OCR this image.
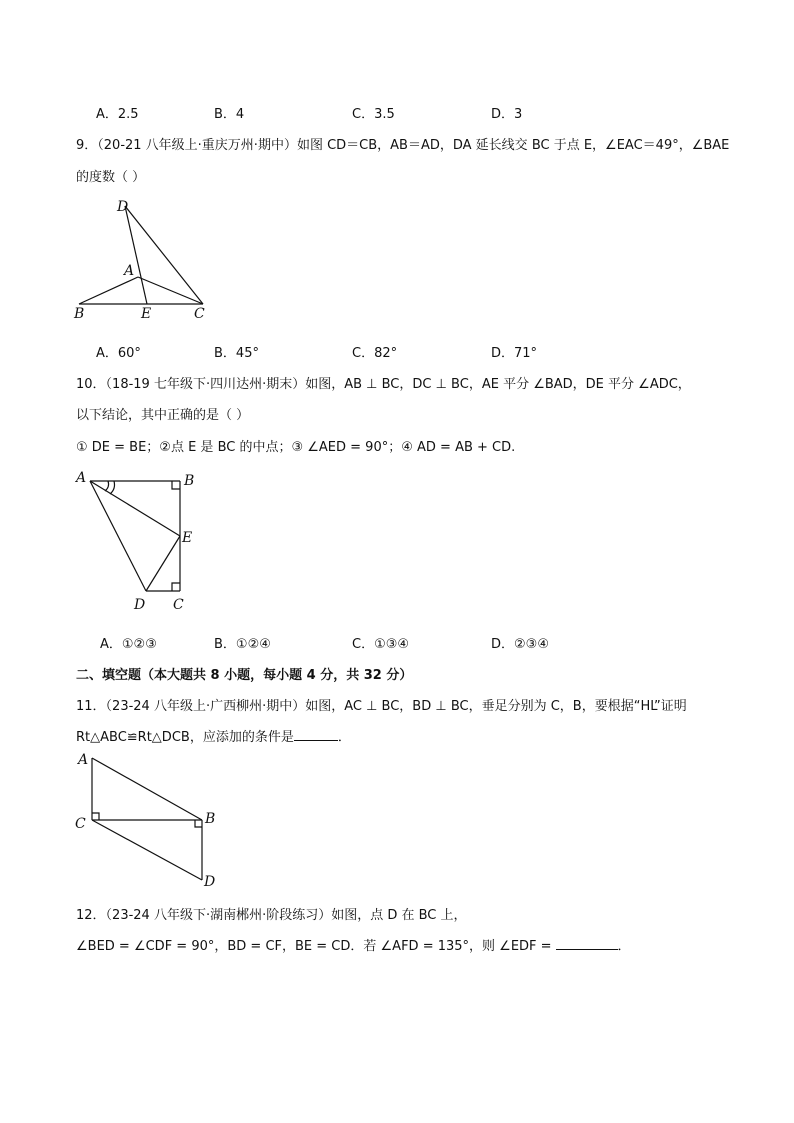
A．2.5	B．4	C．3.5	D．3
9．（20-21 八年级上·重庆万州·期中）如图 CD＝CB，AB＝AD，DA 延长线交 BC 于点 E，∠EAC＝49°，∠BAE
的度数（ ）
D
A
B	E	C
A．60°	B．45°	C．82°	D．71°
10．（18-19 七年级下·四川达州·期末）如图，AB ⊥ BC，DC ⊥ BC，AE 平分 ∠BAD，DE 平分 ∠ADC，
以下结论，其中正确的是（ ）
① DE = BE；②点 E 是 BC 的中点；③ ∠AED = 90°；④ AD = AB + CD.
A	B
E
D C
A．①②③	B．①②④	C．①③④	D．②③④
二、填空题（本大题共 8 小题，每小题 4 分，共 32 分）
11．（23-24 八年级上·广西柳州·期中）如图，AC ⊥ BC，BD ⊥ BC，垂足分别为 C，B，要根据“HL”证明
Rt△ABC≌Rt△DCB，应添加的条件是	．
A
C	B
D
12．（23-24 八年级下·湖南郴州·阶段练习）如图，点 D 在 BC 上，
∠BED = ∠CDF = 90°，BD = CF，BE = CD．若 ∠AFD = 135°，则 ∠EDF =	．
